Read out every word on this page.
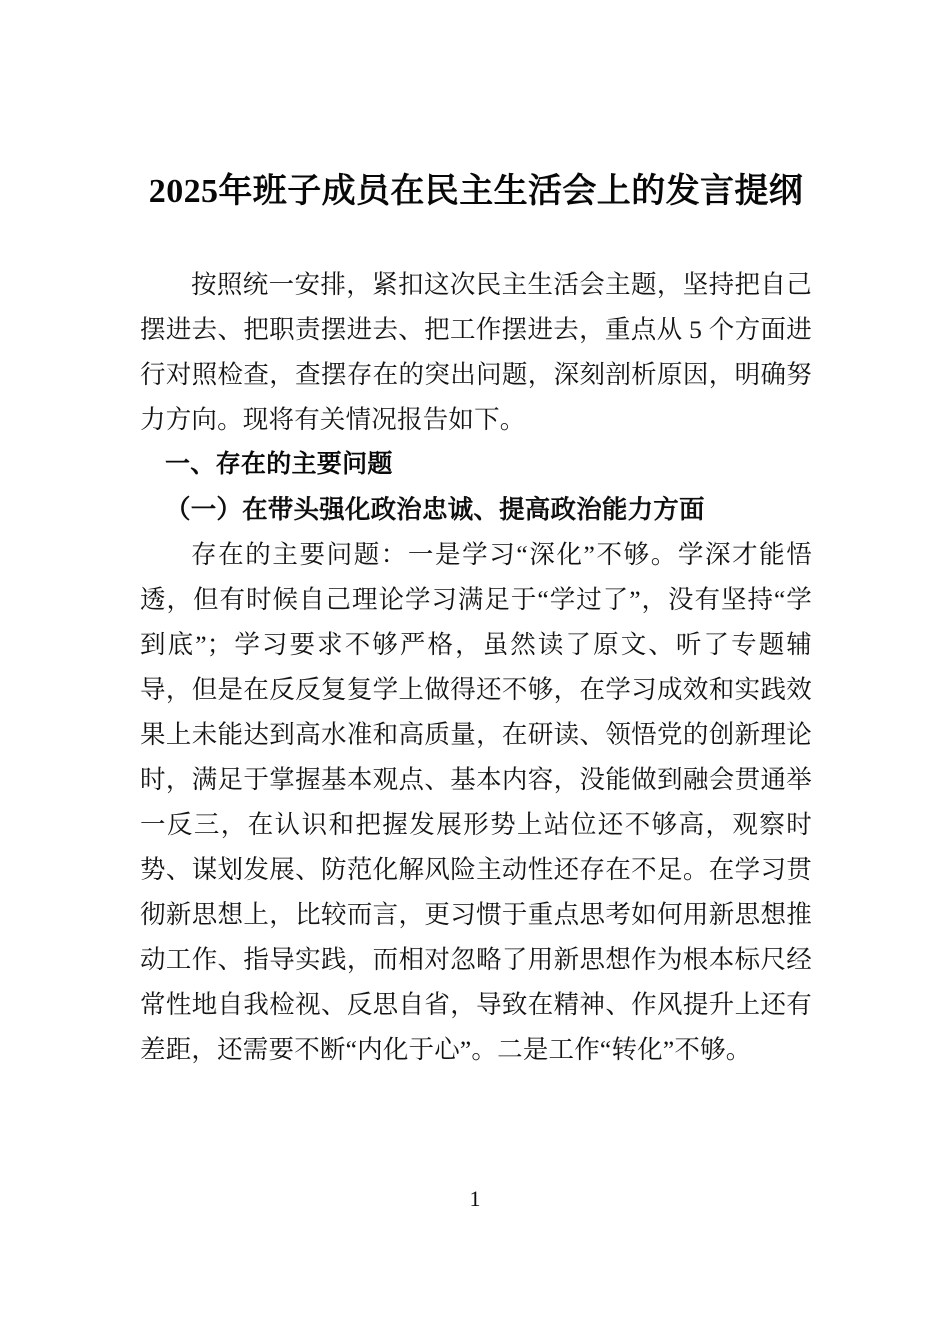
2025年班子成员在民主生活会上的发言提纲

按照统一安排，紧扣这次民主生活会主题，坚持把自己摆进去、把职责摆进去、把工作摆进去，重点从 5 个方面进行对照检查，查摆存在的突出问题，深刻剖析原因，明确努力方向。现将有关情况报告如下。

一、存在的主要问题
（一）在带头强化政治忠诚、提高政治能力方面

存在的主要问题：一是学习“深化”不够。学深才能悟透，但有时候自己理论学习满足于“学过了”，没有坚持“学到底”；学习要求不够严格，虽然读了原文、听了专题辅导，但是在反反复复学上做得还不够，在学习成效和实践效果上未能达到高水准和高质量，在研读、领悟党的创新理论时，满足于掌握基本观点、基本内容，没能做到融会贯通举一反三，在认识和把握发展形势上站位还不够高，观察时势、谋划发展、防范化解风险主动性还存在不足。在学习贯彻新思想上，比较而言，更习惯于重点思考如何用新思想推动工作、指导实践，而相对忽略了用新思想作为根本标尺经常性地自我检视、反思自省，导致在精神、作风提升上还有差距，还需要不断“内化于心”。二是工作“转化”不够。

1
